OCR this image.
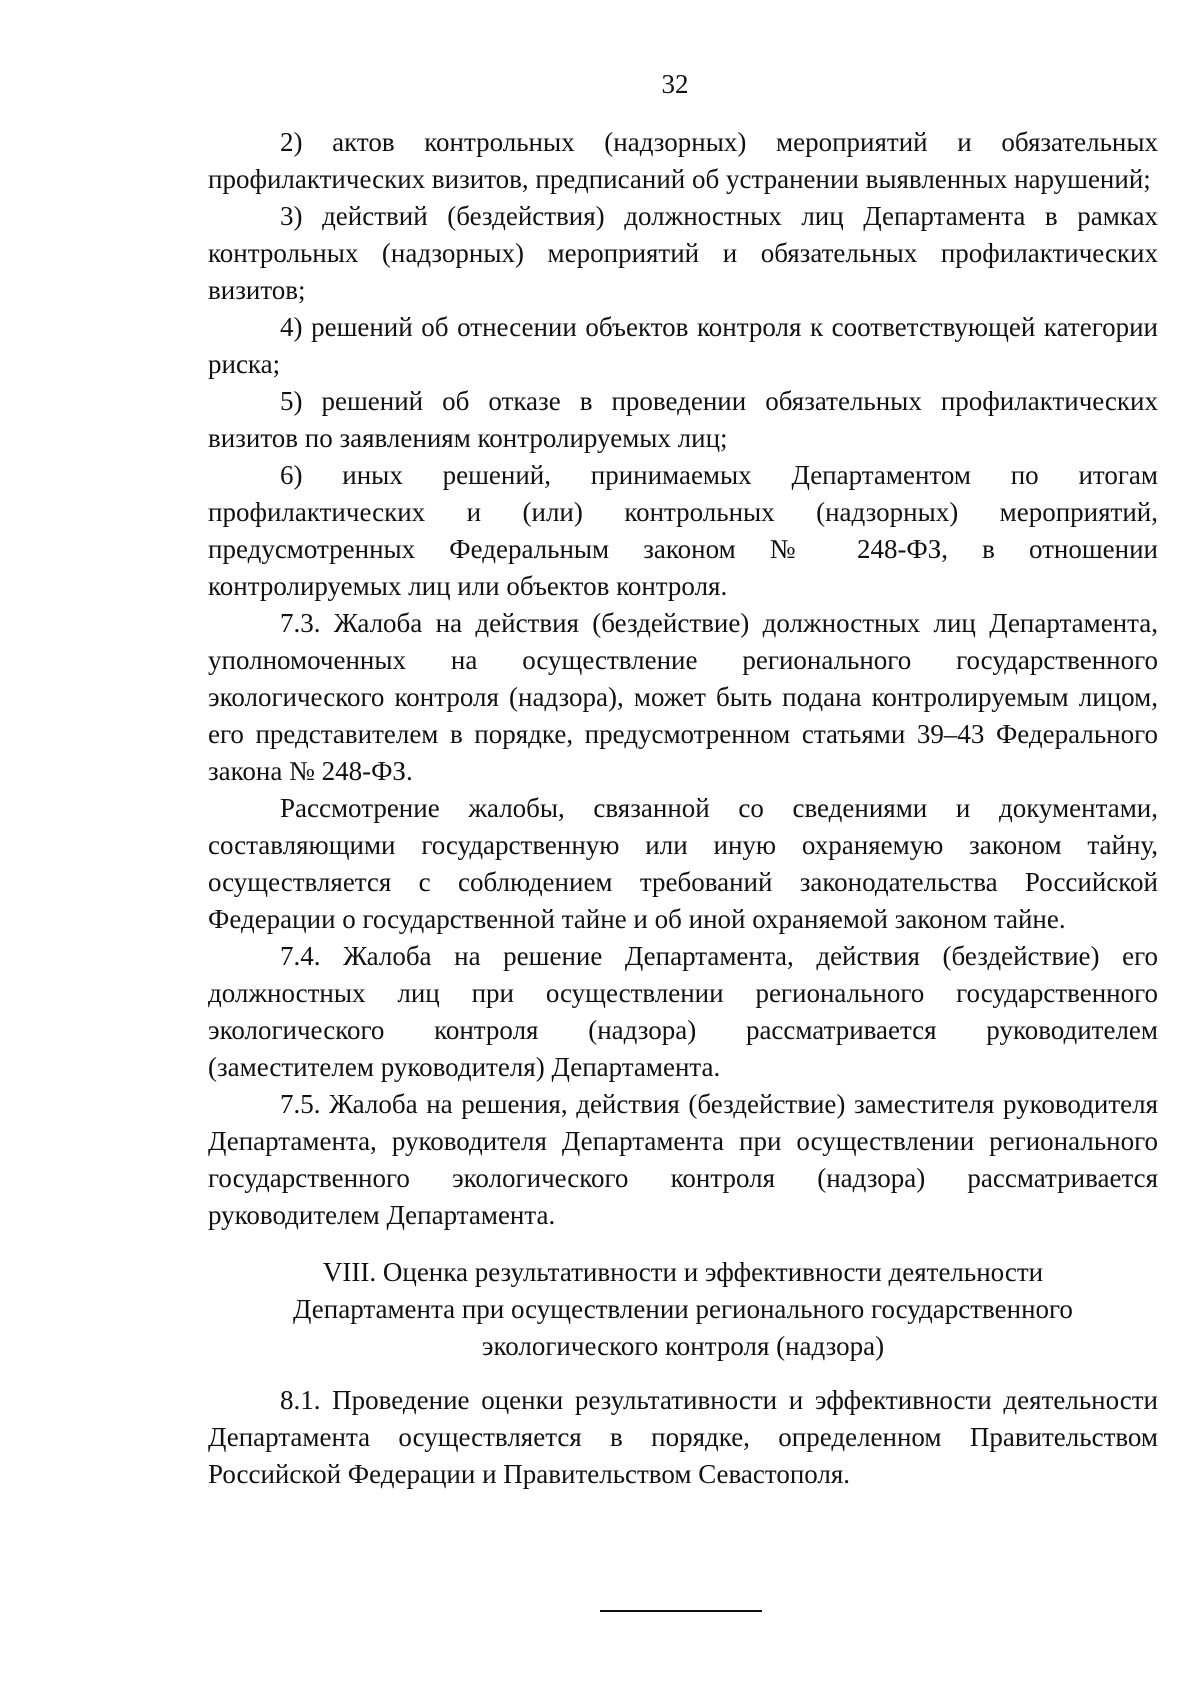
32

2) актов контрольных (надзорных) мероприятий и обязательных профилактических визитов, предписаний об устранении выявленных нарушений;

3) действий (бездействия) должностных лиц Департамента в рамках контрольных (надзорных) мероприятий и обязательных профилактических визитов;

4) решений об отнесении объектов контроля к соответствующей категории риска;

5) решений об отказе в проведении обязательных профилактических визитов по заявлениям контролируемых лиц;

6) иных решений, принимаемых Департаментом по итогам профилактических и (или) контрольных (надзорных) мероприятий, предусмотренных Федеральным законом № 248-ФЗ, в отношении контролируемых лиц или объектов контроля.

7.3. Жалоба на действия (бездействие) должностных лиц Департамента, уполномоченных на осуществление регионального государственного экологического контроля (надзора), может быть подана контролируемым лицом, его представителем в порядке, предусмотренном статьями 39–43 Федерального закона № 248-ФЗ.

Рассмотрение жалобы, связанной со сведениями и документами, составляющими государственную или иную охраняемую законом тайну, осуществляется с соблюдением требований законодательства Российской Федерации о государственной тайне и об иной охраняемой законом тайне.

7.4. Жалоба на решение Департамента, действия (бездействие) его должностных лиц при осуществлении регионального государственного экологического контроля (надзора) рассматривается руководителем (заместителем руководителя) Департамента.

7.5. Жалоба на решения, действия (бездействие) заместителя руководителя Департамента, руководителя Департамента при осуществлении регионального государственного экологического контроля (надзора) рассматривается руководителем Департамента.

VIII. Оценка результативности и эффективности деятельности
Департамента при осуществлении регионального государственного
экологического контроля (надзора)

8.1. Проведение оценки результативности и эффективности деятельности Департамента осуществляется в порядке, определенном Правительством Российской Федерации и Правительством Севастополя.
